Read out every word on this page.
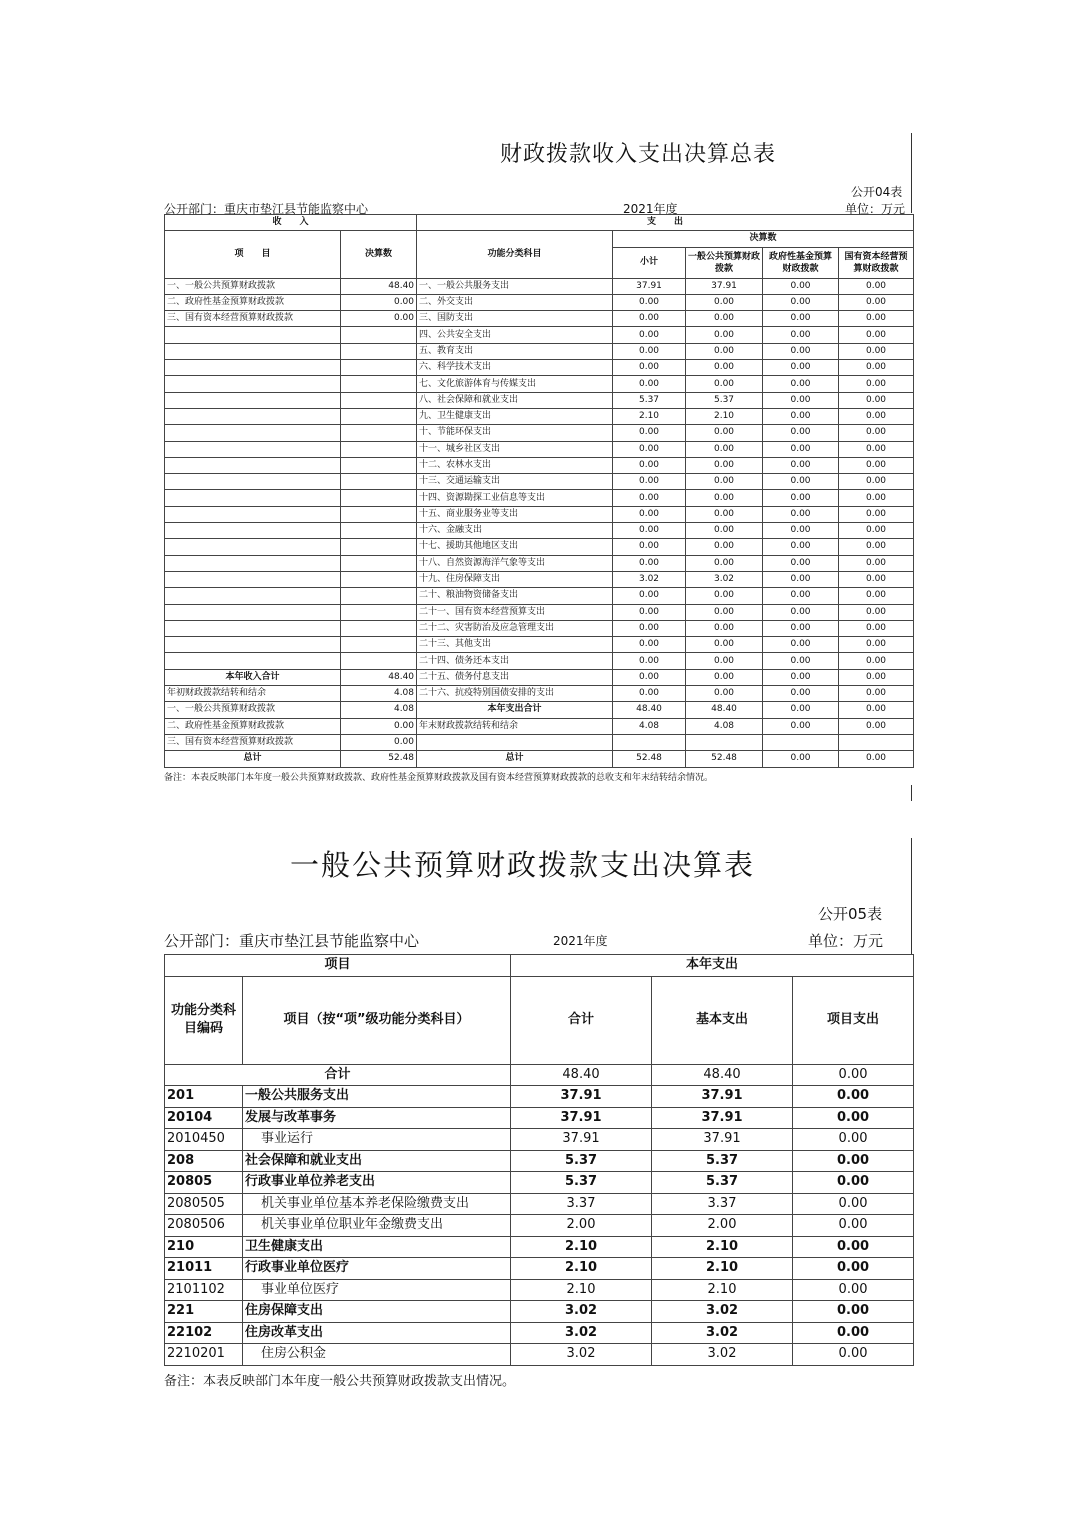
财政拨款收入支出决算总表
公开04表
公开部门：重庆市垫江县节能监察中心	2021年度	单位：万元
收　　入		支　　出				
项　　目	决算数	功能分类科目	决算数			
			小计	一般公共预算财政拨款	政府性基金预算财政拨款	国有资本经营预算财政拨款
一、一般公共预算财政拨款	48.40	一、一般公共服务支出	37.91	37.91	0.00	0.00
二、政府性基金预算财政拨款	0.00	二、外交支出	0.00	0.00	0.00	0.00
三、国有资本经营预算财政拨款	0.00	三、国防支出	0.00	0.00	0.00	0.00
		四、公共安全支出	0.00	0.00	0.00	0.00
		五、教育支出	0.00	0.00	0.00	0.00
		六、科学技术支出	0.00	0.00	0.00	0.00
		七、文化旅游体育与传媒支出	0.00	0.00	0.00	0.00
		八、社会保障和就业支出	5.37	5.37	0.00	0.00
		九、卫生健康支出	2.10	2.10	0.00	0.00
		十、节能环保支出	0.00	0.00	0.00	0.00
		十一、城乡社区支出	0.00	0.00	0.00	0.00
		十二、农林水支出	0.00	0.00	0.00	0.00
		十三、交通运输支出	0.00	0.00	0.00	0.00
		十四、资源勘探工业信息等支出	0.00	0.00	0.00	0.00
		十五、商业服务业等支出	0.00	0.00	0.00	0.00
		十六、金融支出	0.00	0.00	0.00	0.00
		十七、援助其他地区支出	0.00	0.00	0.00	0.00
		十八、自然资源海洋气象等支出	0.00	0.00	0.00	0.00
		十九、住房保障支出	3.02	3.02	0.00	0.00
		二十、粮油物资储备支出	0.00	0.00	0.00	0.00
		二十一、国有资本经营预算支出	0.00	0.00	0.00	0.00
		二十二、灾害防治及应急管理支出	0.00	0.00	0.00	0.00
		二十三、其他支出	0.00	0.00	0.00	0.00
		二十四、债务还本支出	0.00	0.00	0.00	0.00
本年收入合计	48.40	二十五、债务付息支出	0.00	0.00	0.00	0.00
年初财政拨款结转和结余	4.08	二十六、抗疫特别国债安排的支出	0.00	0.00	0.00	0.00
一、一般公共预算财政拨款	4.08	本年支出合计	48.40	48.40	0.00	0.00
二、政府性基金预算财政拨款	0.00	年末财政拨款结转和结余	4.08	4.08	0.00	0.00
三、国有资本经营预算财政拨款	0.00					
总计	52.48	总计	52.48	52.48	0.00	0.00
备注：本表反映部门本年度一般公共预算财政拨款、政府性基金预算财政拨款及国有资本经营预算财政拨款的总收支和年末结转结余情况。
一般公共预算财政拨款支出决算表
公开05表
公开部门：重庆市垫江县节能监察中心	2021年度	单位：万元
项目		本年支出		
功能分类科目编码	项目（按“项”级功能分类科目）	合计	基本支出	项目支出
合计		48.40	48.40	0.00
201	一般公共服务支出	37.91	37.91	0.00
20104	发展与改革事务	37.91	37.91	0.00
2010450	事业运行	37.91	37.91	0.00
208	社会保障和就业支出	5.37	5.37	0.00
20805	行政事业单位养老支出	5.37	5.37	0.00
2080505	机关事业单位基本养老保险缴费支出	3.37	3.37	0.00
2080506	机关事业单位职业年金缴费支出	2.00	2.00	0.00
210	卫生健康支出	2.10	2.10	0.00
21011	行政事业单位医疗	2.10	2.10	0.00
2101102	事业单位医疗	2.10	2.10	0.00
221	住房保障支出	3.02	3.02	0.00
22102	住房改革支出	3.02	3.02	0.00
2210201	住房公积金	3.02	3.02	0.00
备注：本表反映部门本年度一般公共预算财政拨款支出情况。
